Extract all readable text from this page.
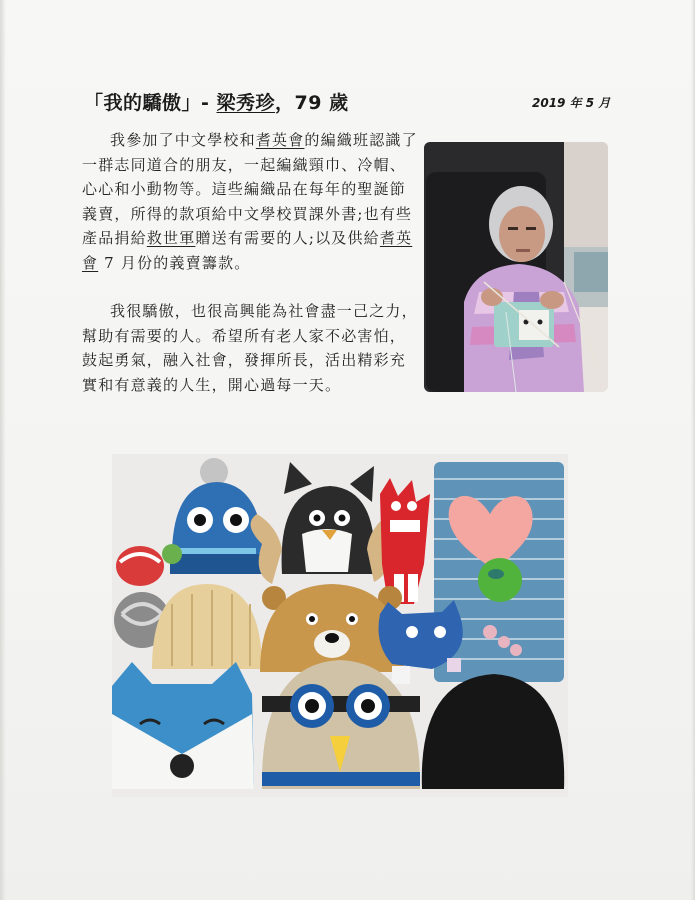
「我的驕傲」- 梁秀珍，79 歲	2019 年 5 月

我參加了中文學校和耆英會的編織班認識了一群志同道合的朋友，一起編織頸巾、冷帽、心心和小動物等。這些編織品在每年的聖誕節義賣，所得的款項給中文學校買課外書;也有些產品捐給救世軍贈送有需要的人;以及供給耆英會 7 月份的義賣籌款。

我很驕傲，也很高興能為社會盡一己之力，幫助有需要的人。希望所有老人家不必害怕，鼓起勇氣，融入社會，發揮所長，活出精彩充實和有意義的人生，開心過每一天。
